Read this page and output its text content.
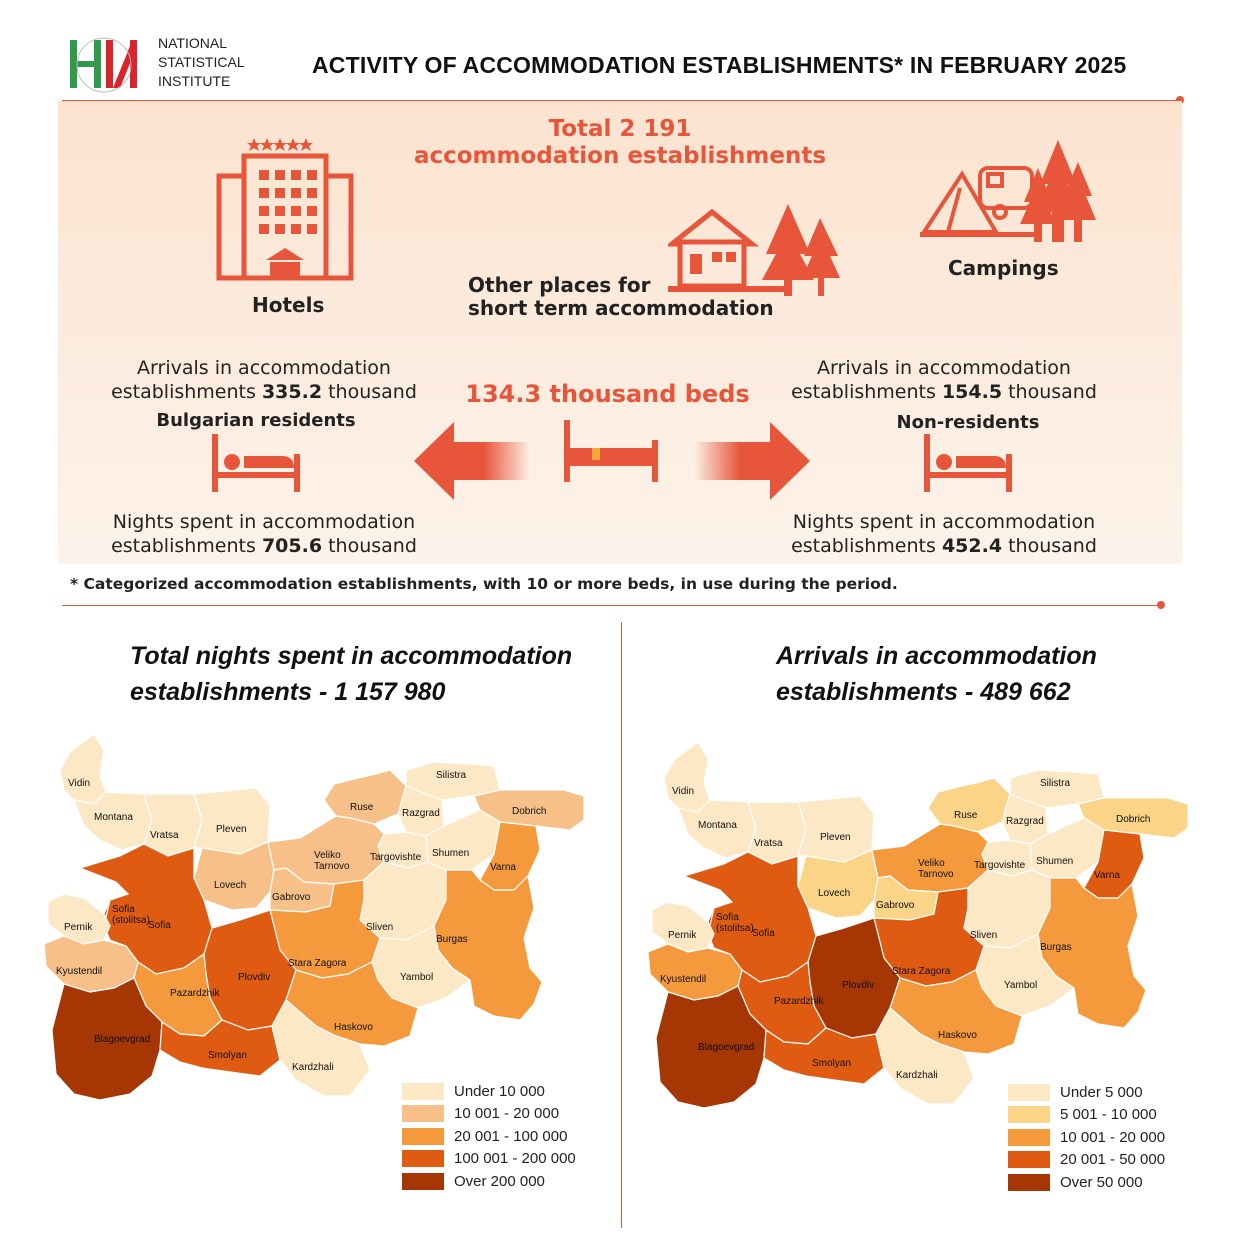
NATIONAL
STATISTICAL
INSTITUTE
ACTIVITY OF ACCOMMODATION ESTABLISHMENTS* IN FEBRUARY 2025
Total 2 191
accommodation establishments
Hotels
Other places for
short term accommodation
Campings
Arrivals in accommodation
establishments 335.2 thousand
Bulgarian residents
Nights spent in accommodation
establishments 705.6 thousand
134.3 thousand beds
Arrivals in accommodation
establishments 154.5 thousand
Non-residents
Nights spent in accommodation
establishments 452.4 thousand
* Categorized accommodation establishments, with 10 or more beds, in use during the period.
Total nights spent in accommodation
establishments - 1 157 980
Arrivals in accommodation
establishments - 489 662
Vidin
Montana
Vratsa
Pleven
Ruse
Silistra
Razgrad	Dobrich
Targovishte Shumen
Varna
Lovech
Veliko Tarnovo
Gabrovo
Sofia (stolitsa)
Sofia
Pernik
Kyustendil
Sliven
Burgas
Stara Zagora
Plovdiv
Pazardzhik
Yambol
Haskovo
Blagoevgrad
Smolyan
Kardzhali
Vidin
Montana
Vratsa
Pleven
Ruse
Silistra
Razgrad	Dobrich
Targovishte Shumen
Varna
Lovech
Veliko Tarnovo
Gabrovo
Sofia (stolitsa)
Sofia
Pernik
Kyustendil
Sliven
Burgas
Stara Zagora
Plovdiv
Pazardzhik
Yambol
Haskovo
Blagoevgrad
Smolyan
Kardzhali
Under 10 000
10 001 - 20 000
20 001 - 100 000
100 001 - 200 000
Over 200 000
Under 5 000
5 001 - 10 000
10 001 - 20 000
20 001 - 50 000
Over 50 000
